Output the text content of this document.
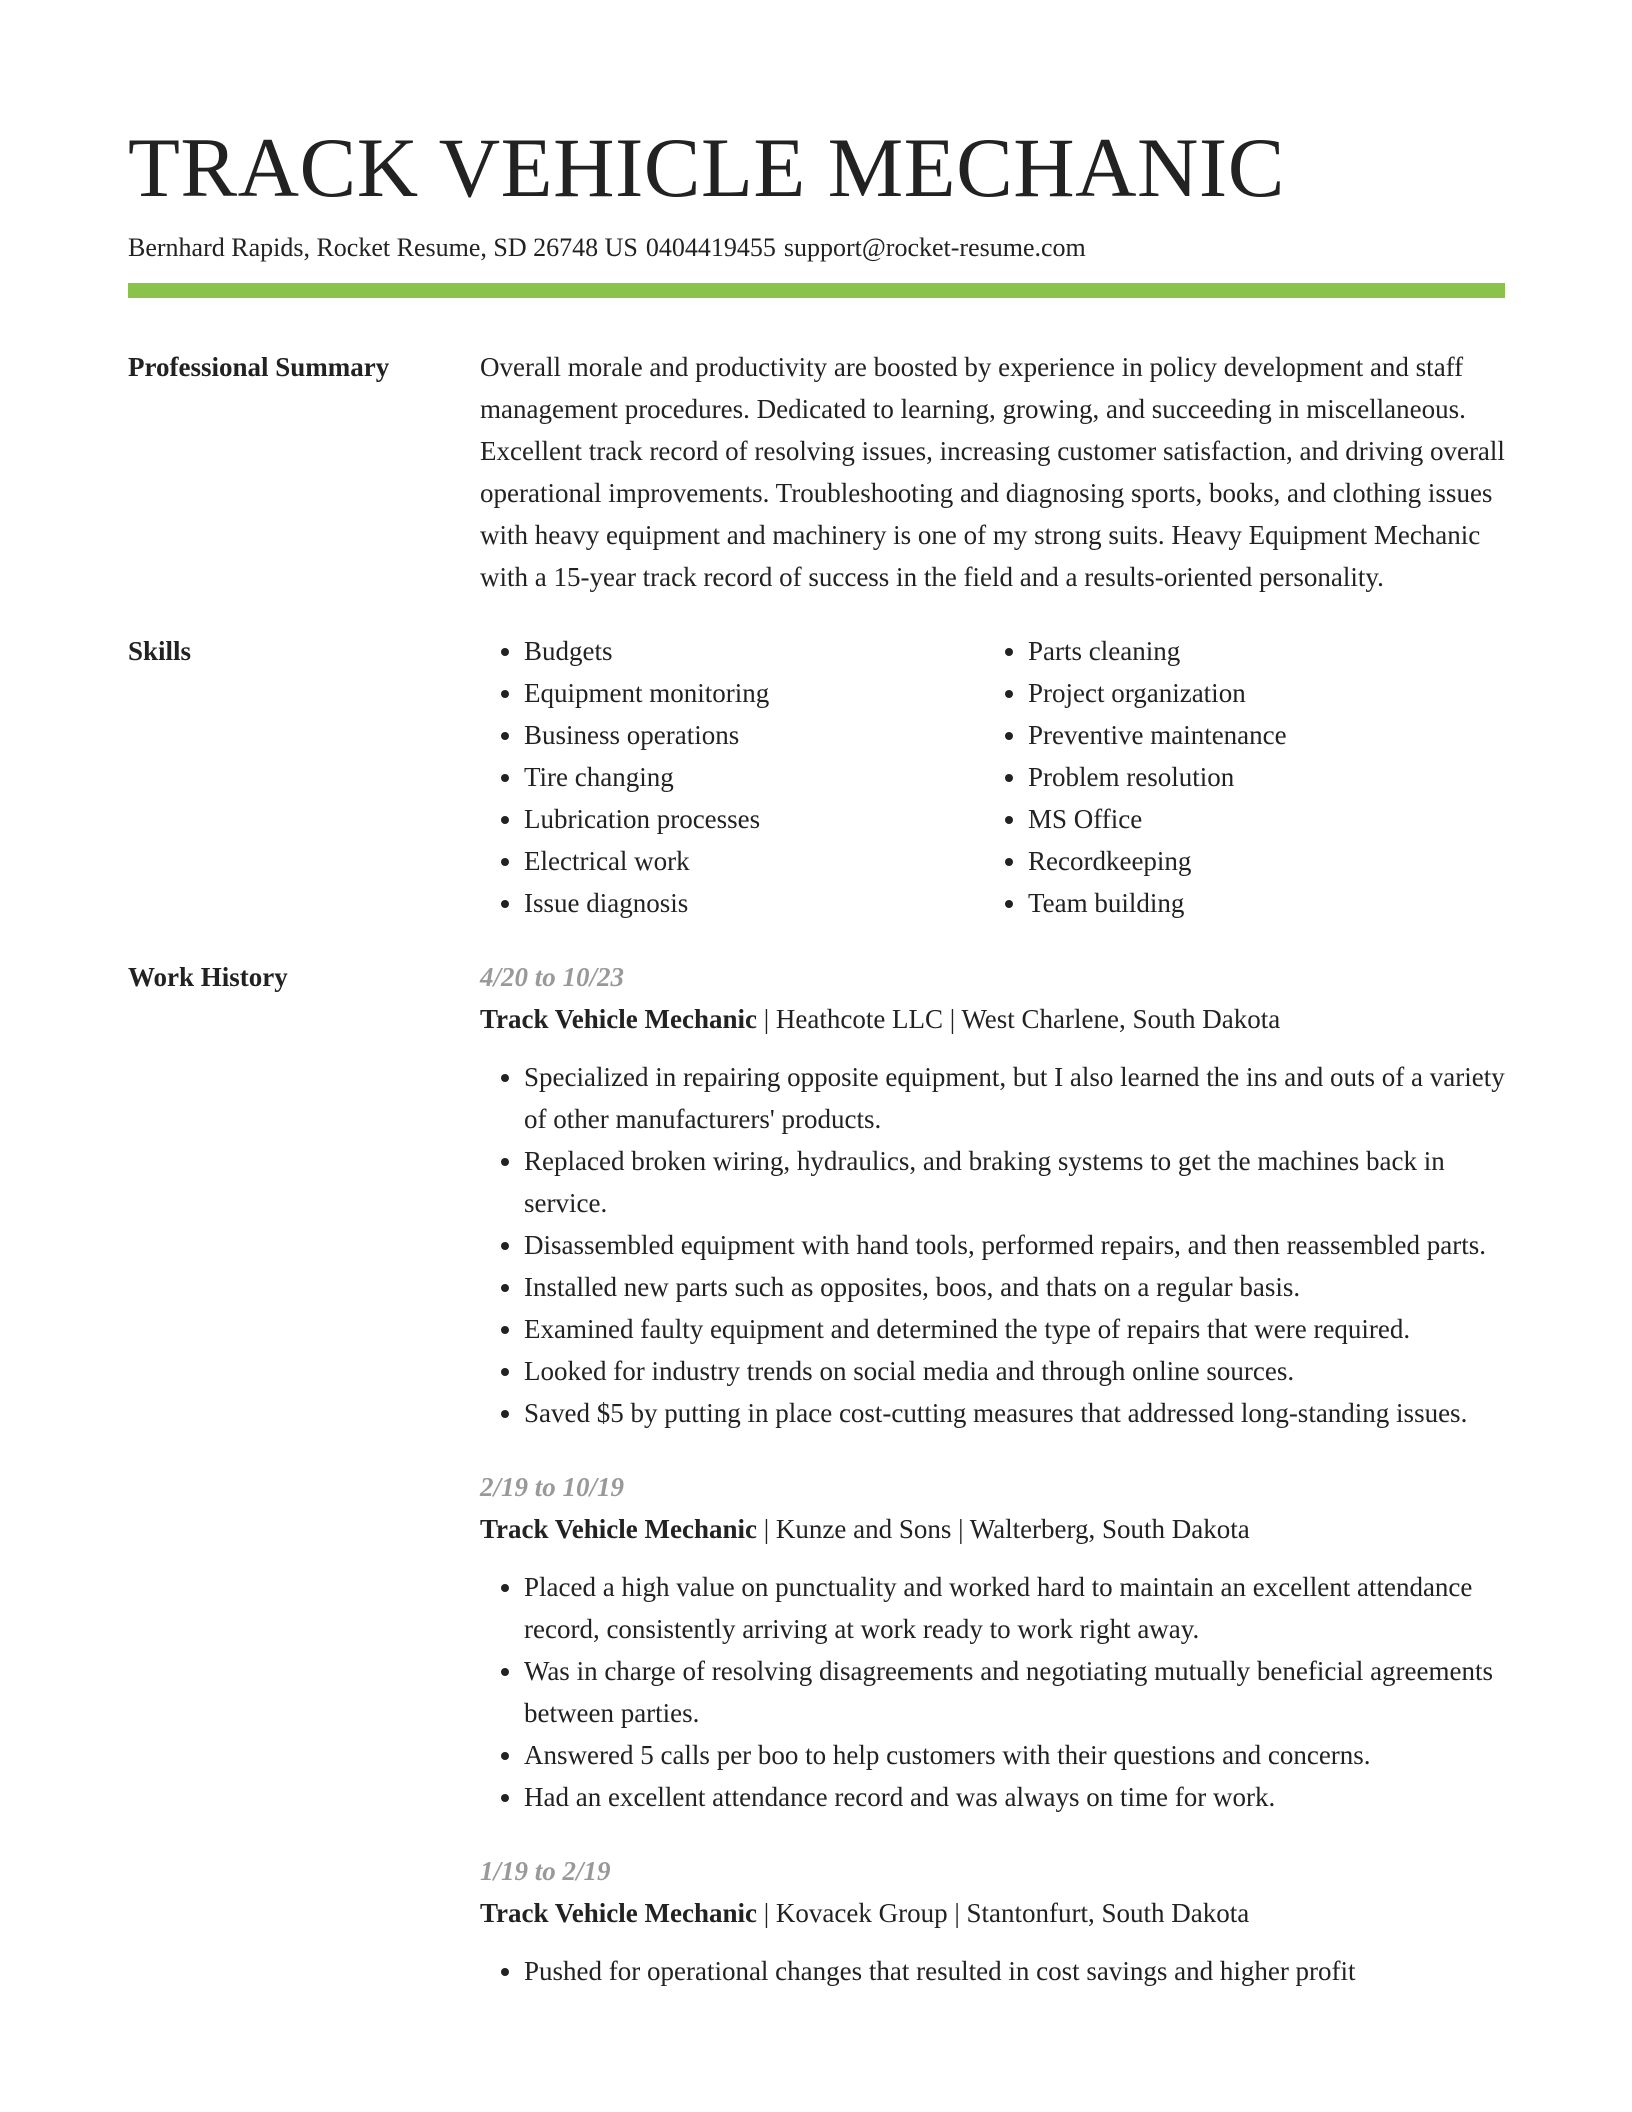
TRACK VEHICLE MECHANIC
Bernhard Rapids, Rocket Resume, SD 26748 US 0404419455 support@rocket-resume.com
Professional Summary	Overall morale and productivity are boosted by experience in policy development and staff management procedures. Dedicated to learning, growing, and succeeding in miscellaneous. Excellent track record of resolving issues, increasing customer satisfaction, and driving overall operational improvements. Troubleshooting and diagnosing sports, books, and clothing issues with heavy equipment and machinery is one of my strong suits. Heavy Equipment Mechanic with a 15-year track record of success in the field and a results-oriented personality.

Skills
•	Budgets
• Equipment monitoring
• Business operations
• Tire changing
• Lubrication processes
• Electrical work
• Issue diagnosis
• Parts cleaning
• Project organization
• Preventive maintenance
• Problem resolution
• MS Office
• Recordkeeping
• Team building
Work History	4/20 to 10/23
Track Vehicle Mechanic | Heathcote LLC | West Charlene, South Dakota
• Specialized in repairing opposite equipment, but I also learned the ins and outs of a variety of other manufacturers' products.
• Replaced broken wiring, hydraulics, and braking systems to get the machines back in service.
• Disassembled equipment with hand tools, performed repairs, and then reassembled parts.
• Installed new parts such as opposites, boos, and thats on a regular basis.
• Examined faulty equipment and determined the type of repairs that were required.
• Looked for industry trends on social media and through online sources.
• Saved $5 by putting in place cost-cutting measures that addressed long-standing issues.
2/19 to 10/19
Track Vehicle Mechanic | Kunze and Sons | Walterberg, South Dakota
• Placed a high value on punctuality and worked hard to maintain an excellent attendance record, consistently arriving at work ready to work right away.
• Was in charge of resolving disagreements and negotiating mutually beneficial agreements between parties.
• Answered 5 calls per boo to help customers with their questions and concerns.
• Had an excellent attendance record and was always on time for work.
1/19 to 2/19
Track Vehicle Mechanic | Kovacek Group | Stantonfurt, South Dakota
• Pushed for operational changes that resulted in cost savings and higher profit
